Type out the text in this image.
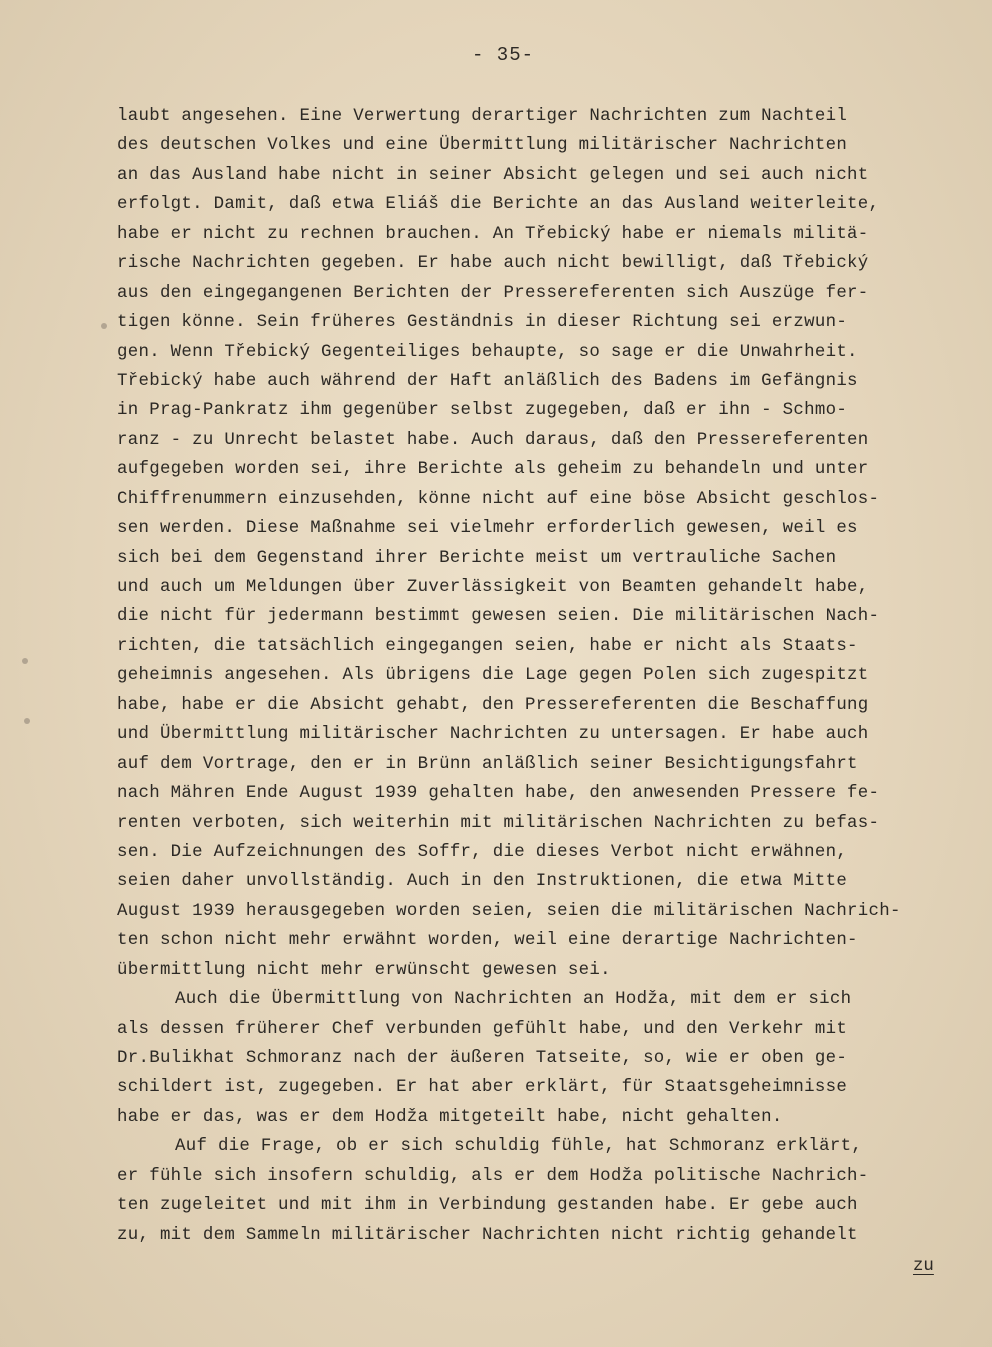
- 35-
laubt angesehen. Eine Verwertung derartiger Nachrichten zum Nachteil
des deutschen Volkes und eine Übermittlung militärischer Nachrichten
an das Ausland habe nicht in seiner Absicht gelegen und sei auch nicht
erfolgt. Damit, daß etwa Eliáš die Berichte an das Ausland weiterleite,
habe er nicht zu rechnen brauchen. An Třebický habe er niemals militä-
rische Nachrichten gegeben. Er habe auch nicht bewilligt, daß Třebický
aus den eingegangenen Berichten der Pressereferenten sich Auszüge fer-
tigen könne. Sein früheres Geständnis in dieser Richtung sei erzwun-
gen. Wenn Třebický Gegenteiliges behaupte, so sage er die Unwahrheit.
Třebický habe auch während der Haft anläßlich des Badens im Gefängnis
in Prag-Pankratz ihm gegenüber selbst zugegeben, daß er ihn - Schmo-
ranz - zu Unrecht belastet habe. Auch daraus, daß den Pressereferenten
aufgegeben worden sei, ihre Berichte als geheim zu behandeln und unter
Chiffrenummern einzusehden, könne nicht auf eine böse Absicht geschlos-
sen werden. Diese Maßnahme sei vielmehr erforderlich gewesen, weil es
sich bei dem Gegenstand ihrer Berichte meist um vertrauliche Sachen
und auch um Meldungen über Zuverlässigkeit von Beamten gehandelt habe,
die nicht für jedermann bestimmt gewesen seien. Die militärischen Nach-
richten, die tatsächlich eingegangen seien, habe er nicht als Staats-
geheimnis angesehen. Als übrigens die Lage gegen Polen sich zugespitzt
habe, habe er die Absicht gehabt, den Pressereferenten die Beschaffung
und Übermittlung militärischer Nachrichten zu untersagen. Er habe auch
auf dem Vortrage, den er in Brünn anläßlich seiner Besichtigungsfahrt
nach Mähren Ende August 1939 gehalten habe, den anwesenden Pressere fe-
renten verboten, sich weiterhin mit militärischen Nachrichten zu befas-
sen. Die Aufzeichnungen des Soffr, die dieses Verbot nicht erwähnen,
seien daher unvollständig. Auch in den Instruktionen, die etwa Mitte
August 1939 herausgegeben worden seien, seien die militärischen Nachrich-
ten schon nicht mehr erwähnt worden, weil eine derartige Nachrichten-
übermittlung nicht mehr erwünscht gewesen sei.
Auch die Übermittlung von Nachrichten an Hodža, mit dem er sich
als dessen früherer Chef verbunden gefühlt habe, und den Verkehr mit
Dr.Bulikhat Schmoranz nach der äußeren Tatseite, so, wie er oben ge-
schildert ist, zugegeben. Er hat aber erklärt, für Staatsgeheimnisse
habe er das, was er dem Hodža mitgeteilt habe, nicht gehalten.
Auf die Frage, ob er sich schuldig fühle, hat Schmoranz erklärt,
er fühle sich insofern schuldig, als er dem Hodža politische Nachrich-
ten zugeleitet und mit ihm in Verbindung gestanden habe. Er gebe auch
zu, mit dem Sammeln militärischer Nachrichten nicht richtig gehandelt
zu
